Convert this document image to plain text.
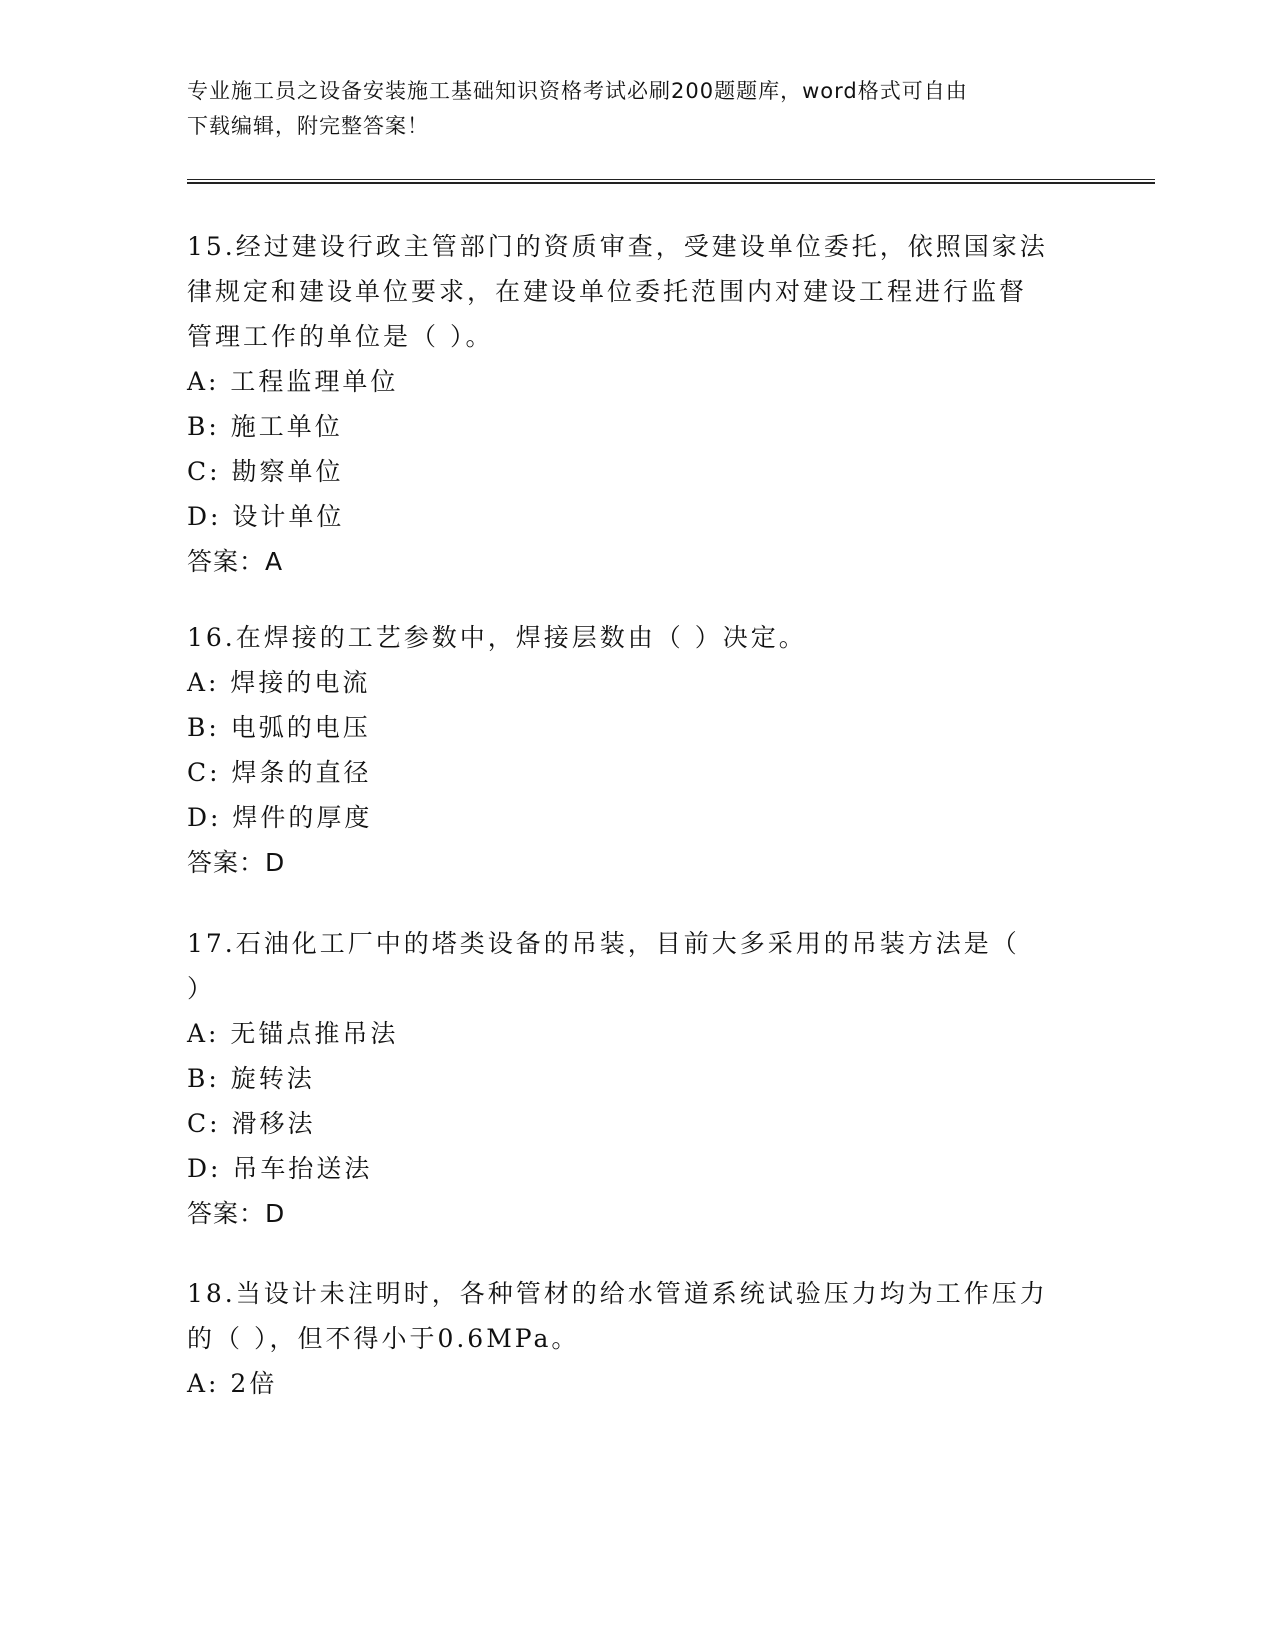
专业施工员之设备安装施工基础知识资格考试必刷200题题库，word格式可自由
下载编辑，附完整答案！

15.经过建设行政主管部门的资质审查，受建设单位委托，依照国家法

律规定和建设单位要求，在建设单位委托范围内对建设工程进行监督

管理工作的单位是（ ）。

A: 工程监理单位

B: 施工单位

C: 勘察单位

D: 设计单位

答案：A

16.在焊接的工艺参数中，焊接层数由（ ）决定。

A: 焊接的电流

B: 电弧的电压

C: 焊条的直径

D: 焊件的厚度

答案：D

17.石油化工厂中的塔类设备的吊装，目前大多采用的吊装方法是（

）

A: 无锚点推吊法

B: 旋转法

C: 滑移法

D: 吊车抬送法

答案：D

18.当设计未注明时，各种管材的给水管道系统试验压力均为工作压力

的（ ），但不得小于0.6MPa。

A: 2倍
